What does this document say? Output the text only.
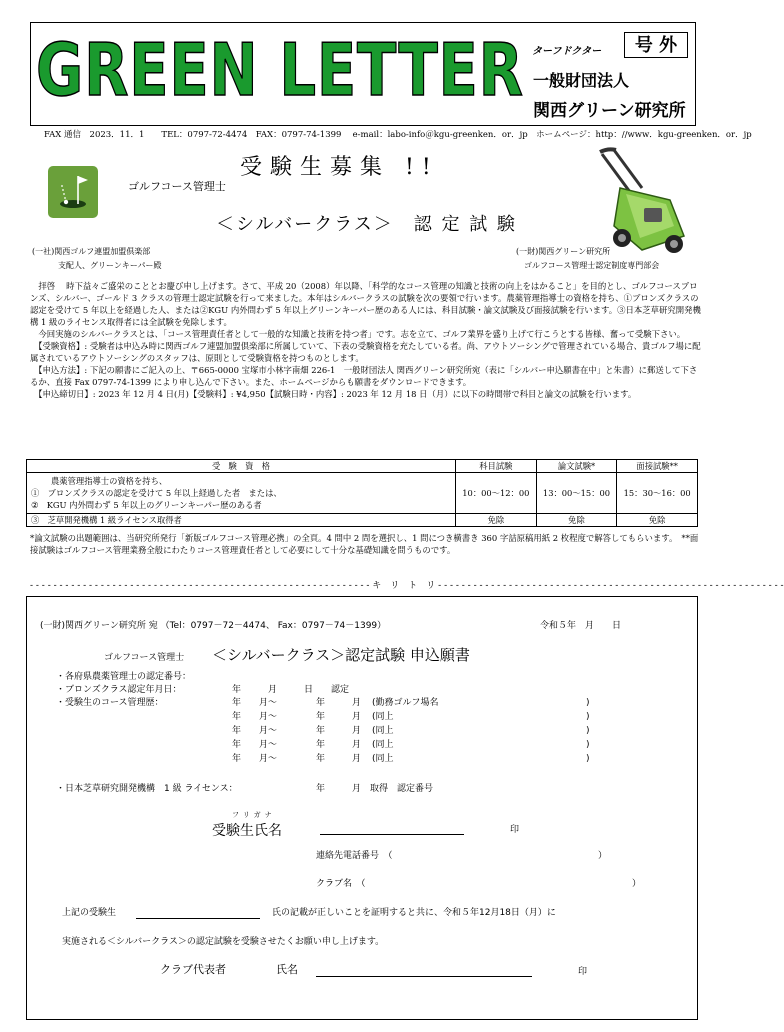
GREEN LETTER ターフドクター	号 外
一般財団法人
関西グリーン研究所
FAX 通信　2023．11．1　　TEL：0797-72-4474　FAX：0797-74-1399　 e-mail：labo-info＠kgu-greenken．or．jp　ホームページ：http：//www．kgu-greenken．or．jp
受験生募集 !!
ゴルフコース管理士
＜シルバークラス＞　認 定 試 験
(一社)関西ゴルフ連盟加盟倶楽部
支配人、グリーンキーパー殿
(一財)関西グリーン研究所
ゴルフコース管理士認定制度専門部会

　拝啓　 時下益々ご盛栄のこととお慶び申し上げます。さて、平成 20（2008）年以降、「科学的なコース管理の知識と技術の向上をはかること」を目的とし、ゴルフコースブロンズ、シルバー、ゴールド 3 クラスの管理士認定試験を行って来ました。本年はシルバークラスの試験を次の要領で行います。農薬管理指導士の資格を持ち、①ブロンズクラスの認定を受けて 5 年以上を経過した人、または②KGU 内外問わず 5 年以上グリーンキーパー歴のある人には、科目試験・論文試験及び面接試験を行います。③日本芝草研究開発機構 1 級のライセンス取得者には全試験を免除します。

　今回実施のシルバークラスとは、「コース管理責任者として一般的な知識と技術を持つ者」です。志を立て、ゴルフ業界を盛り上げて行こうとする皆様、奮って受験下さい。

　【受験資格】: 受験者は申込み時に関西ゴルフ連盟加盟倶楽部に所属していて、下表の受験資格を充たしている者。尚、アウトソーシングで管理されている場合、貴ゴルフ場に配属されているアウトソーシングのスタッフは、原則として受験資格を持つものとします。

　【申込方法】: 下記の願書にご記入の上、〒665-0000 宝塚市小林字南畑 226-1　一般財団法人 関西グリーン研究所宛（表に「シルバー申込願書在中」と朱書）に郵送して下さるか、直接 Fax 0797-74-1399 により申し込んで下さい。また、ホームページからも願書をダウンロードできます。

　【申込締切日】: 2023 年 12 月 4 日(月)【受験料】: ¥4,950【試験日時・内容】: 2023 年 12 月 18 日（月）に以下の時間帯で科目と論文の試験を行います。

受　験　資　格	科目試験	論文試験*	面接試験**

農薬管理指導士の資格を持ち、
①　ブロンズクラスの認定を受けて 5 年以上経過した者　または、
②　KGU 内外問わず 5 年以上のグリーンキーパー歴のある者	10：00～12：00	13：00～15：00	15：30～16：00
③　芝草開発機構 1 級ライセンス取得者	免除	免除	免除
*論文試験の出題範囲は、当研究所発行「新版ゴルフコース管理必携」の全頁。4 問中 2 問を選択し、1 問につき横書き 360 字詰原稿用紙 2 枚程度で解答してもらいます。　**面接試験はゴルフコース管理業務全般にわたりコース管理責任者として必要にして十分な基礎知識を問うものです。
- - - - - - - - - - - - - - - - - - - - - - - - - - - - - - - - - - - - - - - - - - - - - - - - - - - - - - - - - - キ　リ　ト　リ - - - - - - - - - - - - - - - - - - - - - - - - - - - - - - - - - - - - - - - - - - - - - - - - - - - - - - - - - - -
(一財)関西グリーン研究所 宛 （Tel：0797－72－4474、 Fax：0797－74－1399）	令和５年　月　　日
ゴルフコース管理士 ＜シルバークラス＞認定試験 申込願書
・各府県農薬管理士の認定番号：
・ブロンズクラス認定年月日：	年　　　月　　　日　　認定
・受験生のコース管理歴：	年　　月～	年　　　月 (勤務ゴルフ場名	)
年　　月～	年　　　月 (同上	)
年　　月～	年　　　月 (同上	)
年　　月～	年　　　月 (同上	)
年　　月～	年　　　月 (同上	)
・日本芝草研究開発機構　1 級 ライセンス：	年　　　月　取得　認定番号
フリガナ
受験生氏名	印
連絡先電話番号　（	）
クラブ名　（	）
上記の受験生	氏の記載が正しいことを証明すると共に、令和５年12月18日（月）に
実施される＜シルバークラス＞の認定試験を受験させたくお願い申し上げます。
クラブ代表者	氏名	印
